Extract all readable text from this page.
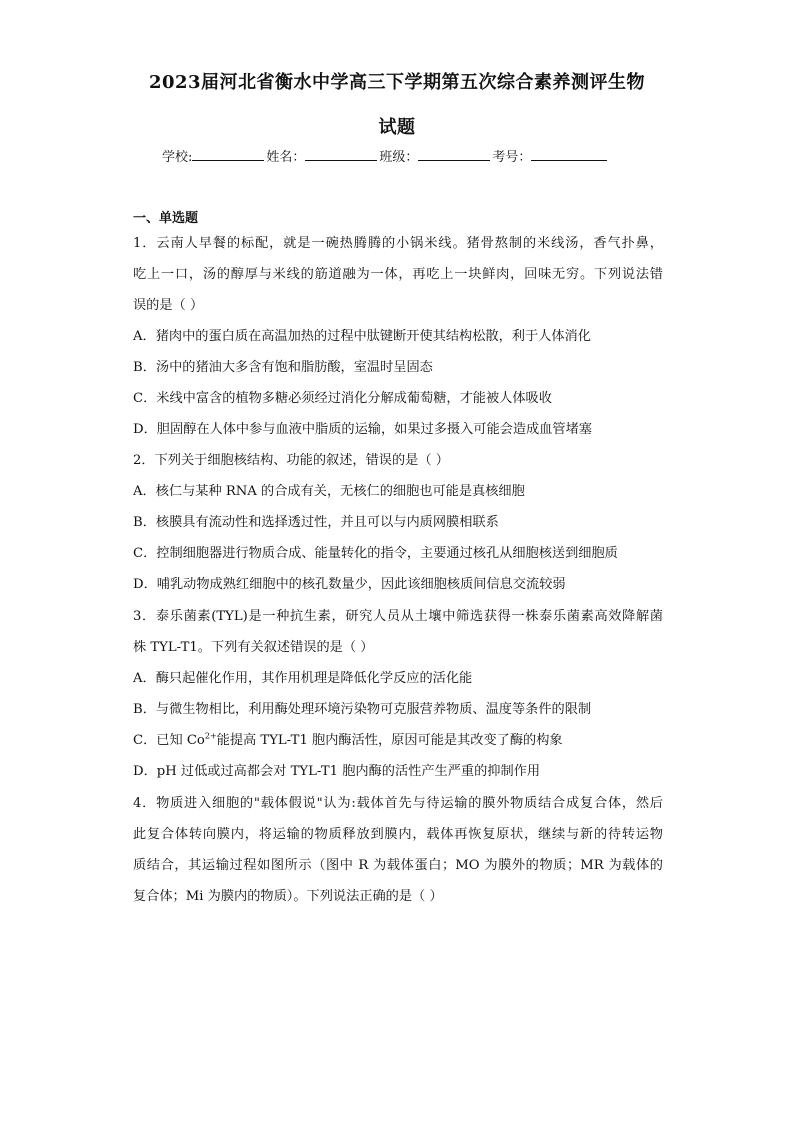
2023届河北省衡水中学高三下学期第五次综合素养测评生物
试题
学校:	姓名：	班级：	考号：
一、单选题
1．云南人早餐的标配，就是一碗热腾腾的小锅米线。猪骨熬制的米线汤，香气扑鼻，
吃上一口，汤的醇厚与米线的筋道融为一体，再吃上一块鲜肉，回味无穷。下列说法错
误的是（ ）
A．猪肉中的蛋白质在高温加热的过程中肽键断开使其结构松散，利于人体消化
B．汤中的猪油大多含有饱和脂肪酸，室温时呈固态
C．米线中富含的植物多糖必须经过消化分解成葡萄糖，才能被人体吸收
D．胆固醇在人体中参与血液中脂质的运输，如果过多摄入可能会造成血管堵塞
2．下列关于细胞核结构、功能的叙述，错误的是（ ）
A．核仁与某种 RNA 的合成有关，无核仁的细胞也可能是真核细胞
B．核膜具有流动性和选择透过性，并且可以与内质网膜相联系
C．控制细胞器进行物质合成、能量转化的指令，主要通过核孔从细胞核送到细胞质
D．哺乳动物成熟红细胞中的核孔数量少，因此该细胞核质间信息交流较弱
3．泰乐菌素(TYL)是一种抗生素，研究人员从土壤中筛选获得一株泰乐菌素高效降解菌
株 TYL-T1。下列有关叙述错误的是（ ）
A．酶只起催化作用，其作用机理是降低化学反应的活化能
B．与微生物相比，利用酶处理环境污染物可克服营养物质、温度等条件的限制
C．已知 $Co^{2+}$能提高 TYL-T1 胞内酶活性，原因可能是其改变了酶的构象
D．pH 过低或过高都会对 TYL-T1 胞内酶的活性产生严重的抑制作用
4．物质进入细胞的"载体假说"认为:载体首先与待运输的膜外物质结合成复合体，然后
此复合体转向膜内，将运输的物质释放到膜内，载体再恢复原状，继续与新的待转运物
质结合，其运输过程如图所示（图中 R 为载体蛋白；MO 为膜外的物质；MR 为载体的
复合体；Mi 为膜内的物质）。下列说法正确的是（ ）
